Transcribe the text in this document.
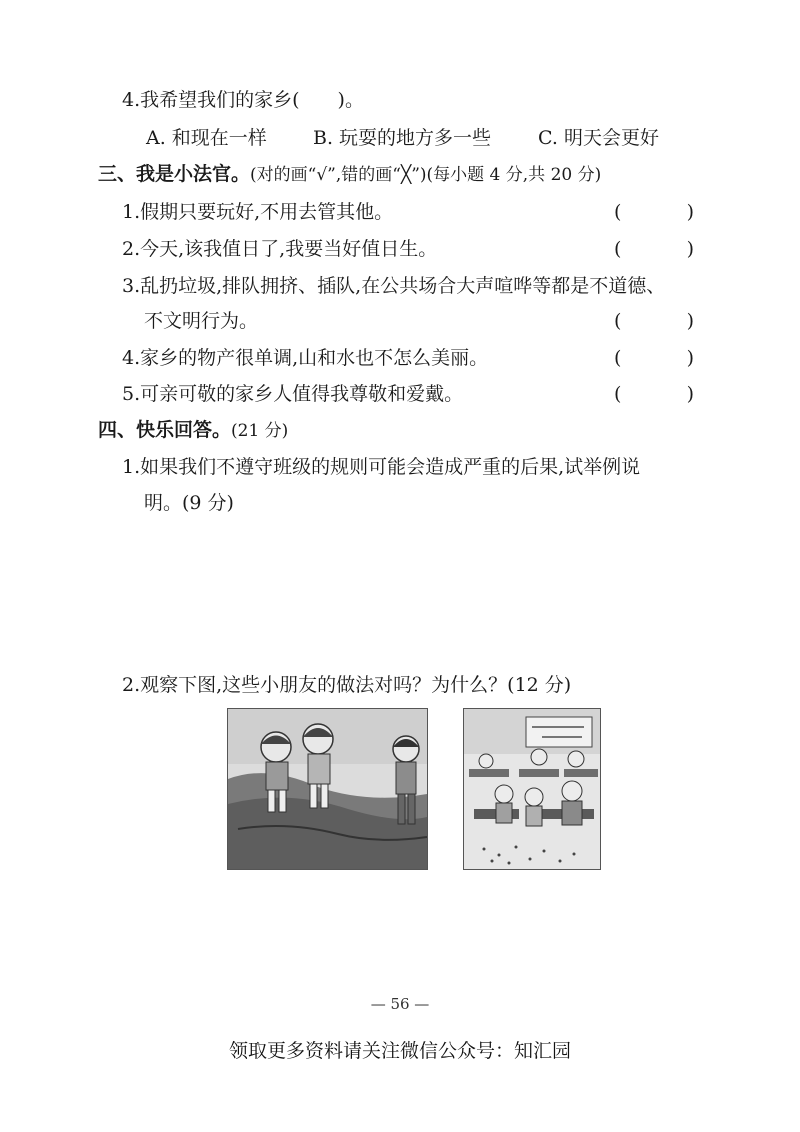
4.我希望我们的家乡(　　)。
A. 和现在一样 B. 玩耍的地方多一些 C. 明天会更好
三、我是小法官。(对的画“√”,错的画“╳”)(每小题 4 分,共 20 分)
1.假期只要玩好,不用去管其他。	(	)
2.今天,该我值日了,我要当好值日生。	(	)
3.乱扔垃圾,排队拥挤、插队,在公共场合大声喧哗等都是不道德、
不文明行为。	(	)
4.家乡的物产很单调,山和水也不怎么美丽。	(	)
5.可亲可敬的家乡人值得我尊敬和爱戴。	(	)
四、快乐回答。(21 分)
1.如果我们不遵守班级的规则可能会造成严重的后果,试举例说
明。(9 分)
2.观察下图,这些小朋友的做法对吗？为什么？(12 分)
— 56 —
领取更多资料请关注微信公众号：知汇园
